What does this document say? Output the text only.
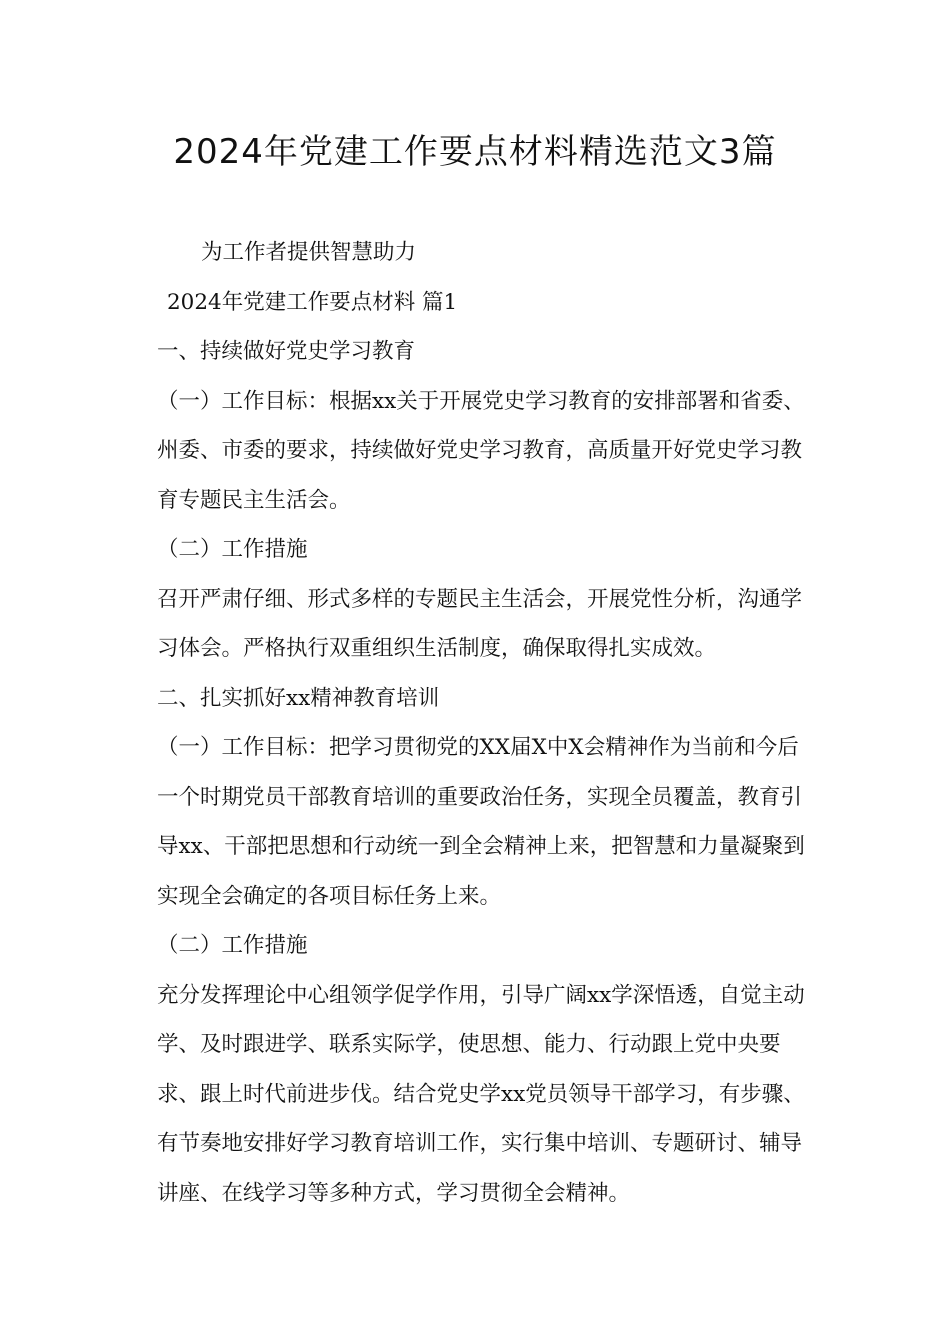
2024年党建工作要点材料精选范文3篇

为工作者提供智慧助力

2024年党建工作要点材料 篇1

一、持续做好党史学习教育

（一）工作目标：根据xx关于开展党史学习教育的安排部署和省委、州委、市委的要求，持续做好党史学习教育，高质量开好党史学习教育专题民主生活会。

（二）工作措施

召开严肃仔细、形式多样的专题民主生活会，开展党性分析，沟通学习体会。严格执行双重组织生活制度，确保取得扎实成效。

二、扎实抓好xx精神教育培训

（一）工作目标：把学习贯彻党的XX届X中X会精神作为当前和今后一个时期党员干部教育培训的重要政治任务，实现全员覆盖，教育引导xx、干部把思想和行动统一到全会精神上来，把智慧和力量凝聚到实现全会确定的各项目标任务上来。

（二）工作措施

充分发挥理论中心组领学促学作用，引导广阔xx学深悟透，自觉主动学、及时跟进学、联系实际学，使思想、能力、行动跟上党中央要求、跟上时代前进步伐。结合党史学xx党员领导干部学习，有步骤、有节奏地安排好学习教育培训工作，实行集中培训、专题研讨、辅导讲座、在线学习等多种方式，学习贯彻全会精神。
